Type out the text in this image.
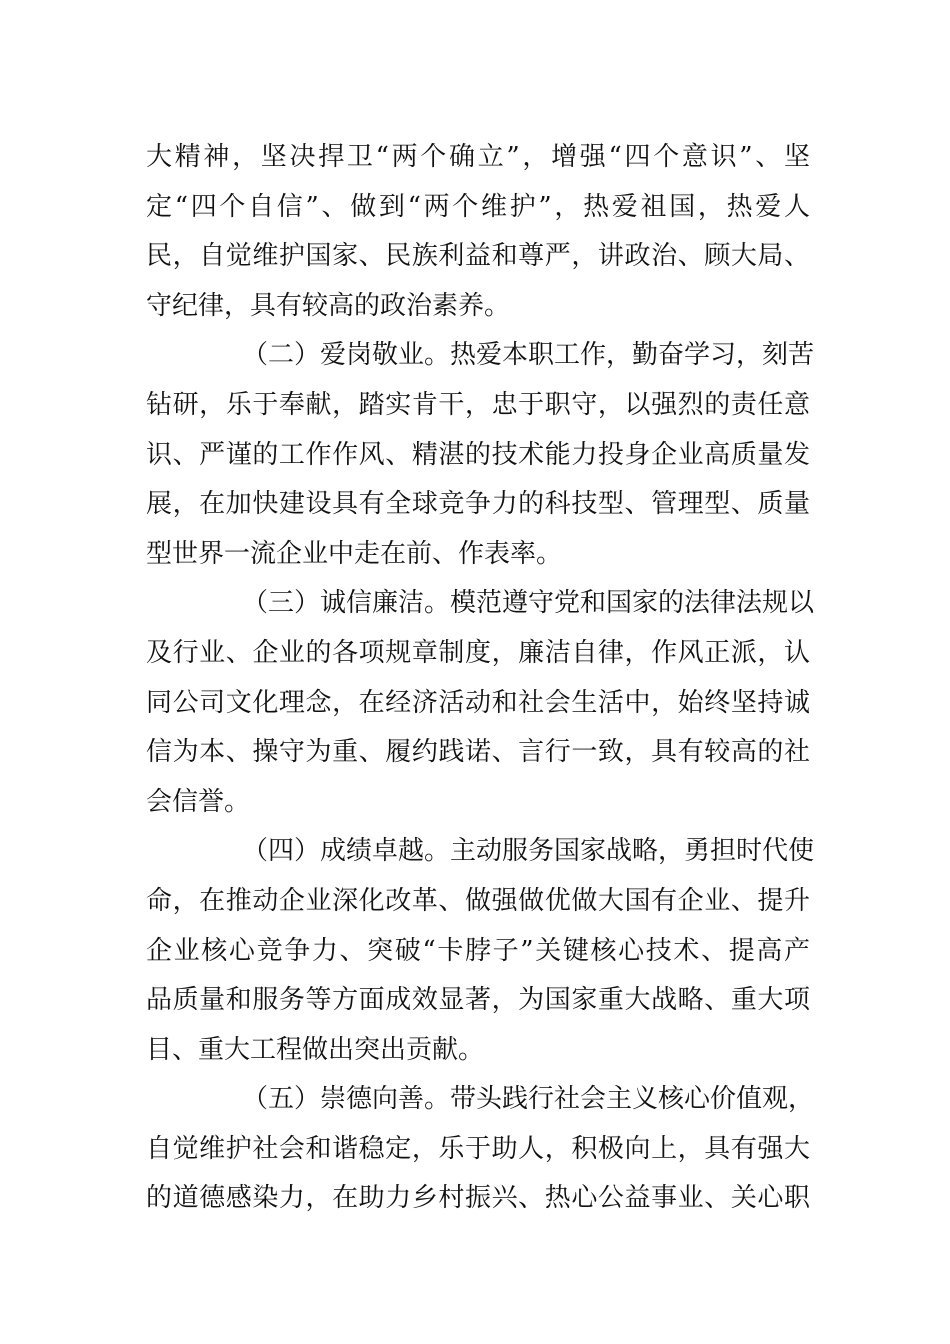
大精神，坚决捍卫“两个确立”，增强“四个意识”、坚
定“四个自信”、做到“两个维护”，热爱祖国，热爱人
民，自觉维护国家、民族利益和尊严，讲政治、顾大局、
守纪律，具有较高的政治素养。
（二）爱岗敬业。热爱本职工作，勤奋学习，刻苦
钻研，乐于奉献，踏实肯干，忠于职守，以强烈的责任意
识、严谨的工作作风、精湛的技术能力投身企业高质量发
展，在加快建设具有全球竞争力的科技型、管理型、质量
型世界一流企业中走在前、作表率。
（三）诚信廉洁。模范遵守党和国家的法律法规以
及行业、企业的各项规章制度，廉洁自律，作风正派，认
同公司文化理念，在经济活动和社会生活中，始终坚持诚
信为本、操守为重、履约践诺、言行一致，具有较高的社
会信誉。
（四）成绩卓越。主动服务国家战略，勇担时代使
命，在推动企业深化改革、做强做优做大国有企业、提升
企业核心竞争力、突破“卡脖子”关键核心技术、提高产
品质量和服务等方面成效显著，为国家重大战略、重大项
目、重大工程做出突出贡献。
（五）崇德向善。带头践行社会主义核心价值观，
自觉维护社会和谐稳定，乐于助人，积极向上，具有强大
的道德感染力，在助力乡村振兴、热心公益事业、关心职
